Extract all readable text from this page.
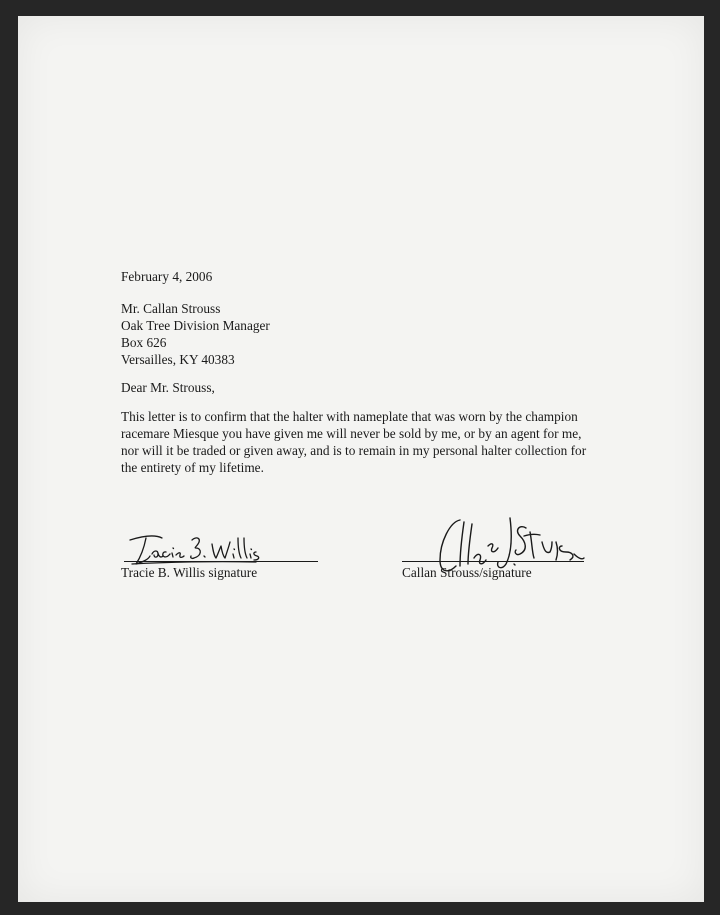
February 4, 2006
Mr. Callan Strouss
Oak Tree Division Manager
Box 626
Versailles, KY 40383
Dear Mr. Strouss,
This letter is to confirm that the halter with nameplate that was worn by the champion
racemare Miesque you have given me will never be sold by me, or by an agent for me,
nor will it be traded or given away, and is to remain in my personal halter collection for
the entirety of my lifetime.
Tracie B. Willis signature	Callan Strouss/signature
